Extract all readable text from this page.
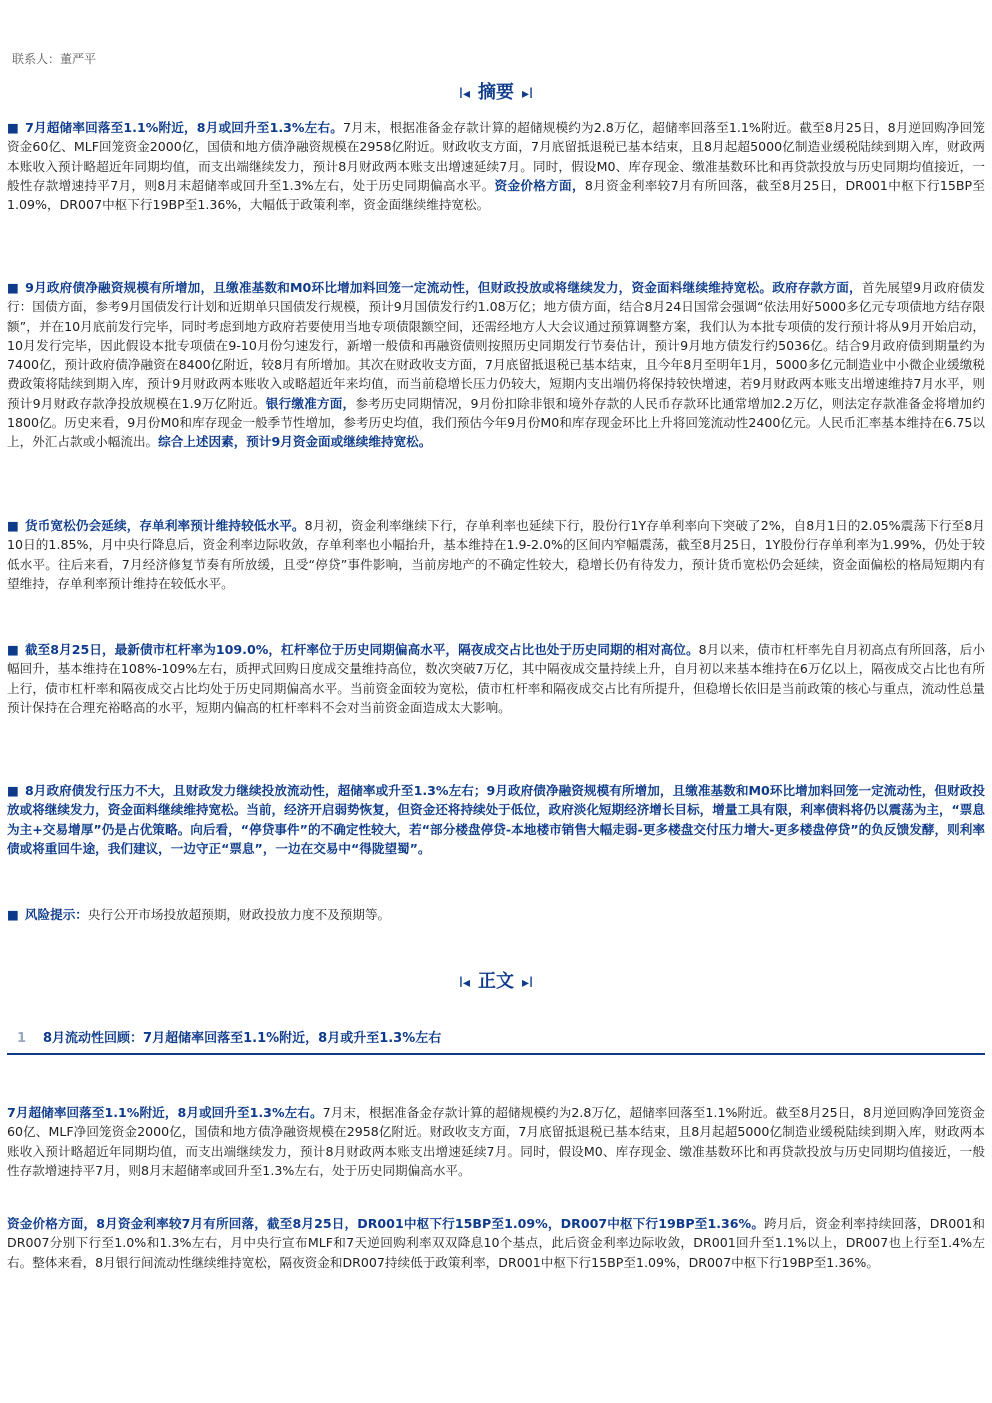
联系人：董严平
I◂ 摘要 ▸I

■ 7月超储率回落至1.1%附近，8月或回升至1.3%左右。7月末，根据准备金存款计算的超储规模约为2.8万亿，超储率回落至1.1%附近。截至8月25日，8月逆回购净回笼资金60亿、MLF回笼资金2000亿，国债和地方债净融资规模在2958亿附近。财政收支方面，7月底留抵退税已基本结束，且8月起超5000亿制造业缓税陆续到期入库，财政两本账收入预计略超近年同期均值，而支出端继续发力，预计8月财政两本账支出增速延续7月。同时，假设M0、库存现金、缴准基数环比和再贷款投放与历史同期均值接近，一般性存款增速持平7月，则8月末超储率或回升至1.3%左右，处于历史同期偏高水平。资金价格方面，8月资金利率较7月有所回落，截至8月25日，DR001中枢下行15BP至1.09%，DR007中枢下行19BP至1.36%，大幅低于政策利率，资金面继续维持宽松。

■ 9月政府债净融资规模有所增加，且缴准基数和M0环比增加料回笼一定流动性，但财政投放或将继续发力，资金面料继续维持宽松。政府存款方面，首先展望9月政府债发行：国债方面，参考9月国债发行计划和近期单只国债发行规模，预计9月国债发行约1.08万亿；地方债方面，结合8月24日国常会强调“依法用好5000多亿元专项债地方结存限额”，并在10月底前发行完毕，同时考虑到地方政府若要使用当地专项债限额空间，还需经地方人大会议通过预算调整方案，我们认为本批专项债的发行预计将从9月开始启动，10月发行完毕，因此假设本批专项债在9-10月份匀速发行，新增一般债和再融资债则按照历史同期发行节奏估计，预计9月地方债发行约5036亿。结合9月政府债到期量约为7400亿，预计政府债净融资在8400亿附近，较8月有所增加。其次在财政收支方面，7月底留抵退税已基本结束，且今年8月至明年1月，5000多亿元制造业中小微企业缓缴税费政策将陆续到期入库，预计9月财政两本账收入或略超近年来均值，而当前稳增长压力仍较大，短期内支出端仍将保持较快增速，若9月财政两本账支出增速维持7月水平，则预计9月财政存款净投放规模在1.9万亿附近。银行缴准方面，参考历史同期情况，9月份扣除非银和境外存款的人民币存款环比通常增加2.2万亿，则法定存款准备金将增加约1800亿。历史来看，9月份M0和库存现金一般季节性增加，参考历史均值，我们预估今年9月份M0和库存现金环比上升将回笼流动性2400亿元。人民币汇率基本维持在6.75以上，外汇占款或小幅流出。综合上述因素，预计9月资金面或继续维持宽松。

■ 货币宽松仍会延续，存单利率预计维持较低水平。8月初，资金利率继续下行，存单利率也延续下行，股份行1Y存单利率向下突破了2%，自8月1日的2.05%震荡下行至8月10日的1.85%，月中央行降息后，资金利率边际收敛，存单利率也小幅抬升，基本维持在1.9-2.0%的区间内窄幅震荡，截至8月25日，1Y股份行存单利率为1.99%，仍处于较低水平。往后来看，7月经济修复节奏有所放缓，且受“停贷”事件影响，当前房地产的不确定性较大，稳增长仍有待发力，预计货币宽松仍会延续，资金面偏松的格局短期内有望维持，存单利率预计维持在较低水平。

■ 截至8月25日，最新债市杠杆率为109.0%，杠杆率位于历史同期偏高水平，隔夜成交占比也处于历史同期的相对高位。8月以来，债市杠杆率先自月初高点有所回落，后小幅回升，基本维持在108%-109%左右，质押式回购日度成交量维持高位，数次突破7万亿，其中隔夜成交量持续上升，自月初以来基本维持在6万亿以上，隔夜成交占比也有所上行，债市杠杆率和隔夜成交占比均处于历史同期偏高水平。当前资金面较为宽松，债市杠杆率和隔夜成交占比有所提升，但稳增长依旧是当前政策的核心与重点，流动性总量预计保持在合理充裕略高的水平，短期内偏高的杠杆率料不会对当前资金面造成太大影响。

■ 8月政府债发行压力不大，且财政发力继续投放流动性，超储率或升至1.3%左右；9月政府债净融资规模有所增加，且缴准基数和M0环比增加料回笼一定流动性，但财政投放或将继续发力，资金面料继续维持宽松。当前，经济开启弱势恢复，但资金还将持续处于低位，政府淡化短期经济增长目标，增量工具有限，利率债料将仍以震荡为主，“票息为主+交易增厚”仍是占优策略。向后看，“停贷事件”的不确定性较大，若“部分楼盘停贷-本地楼市销售大幅走弱-更多楼盘交付压力增大-更多楼盘停贷”的负反馈发酵，则利率债或将重回牛途，我们建议，一边守正“票息”，一边在交易中“得陇望蜀”。

■ 风险提示：央行公开市场投放超预期，财政投放力度不及预期等。

I◂ 正文 ▸I
1 8月流动性回顾：7月超储率回落至1.1%附近，8月或升至1.3%左右

7月超储率回落至1.1%附近，8月或回升至1.3%左右。7月末，根据准备金存款计算的超储规模约为2.8万亿，超储率回落至1.1%附近。截至8月25日，8月逆回购净回笼资金60亿、MLF净回笼资金2000亿，国债和地方债净融资规模在2958亿附近。财政收支方面，7月底留抵退税已基本结束，且8月起超5000亿制造业缓税陆续到期入库，财政两本账收入预计略超近年同期均值，而支出端继续发力，预计8月财政两本账支出增速延续7月。同时，假设M0、库存现金、缴准基数环比和再贷款投放与历史同期均值接近，一般性存款增速持平7月，则8月末超储率或回升至1.3%左右，处于历史同期偏高水平。

资金价格方面，8月资金利率较7月有所回落，截至8月25日，DR001中枢下行15BP至1.09%，DR007中枢下行19BP至1.36%。跨月后，资金利率持续回落，DR001和DR007分别下行至1.0%和1.3%左右，月中央行宣布MLF和7天逆回购利率双双降息10个基点，此后资金利率边际收敛，DR001回升至1.1%以上，DR007也上行至1.4%左右。整体来看，8月银行间流动性继续维持宽松，隔夜资金和DR007持续低于政策利率，DR001中枢下行15BP至1.09%，DR007中枢下行19BP至1.36%。
